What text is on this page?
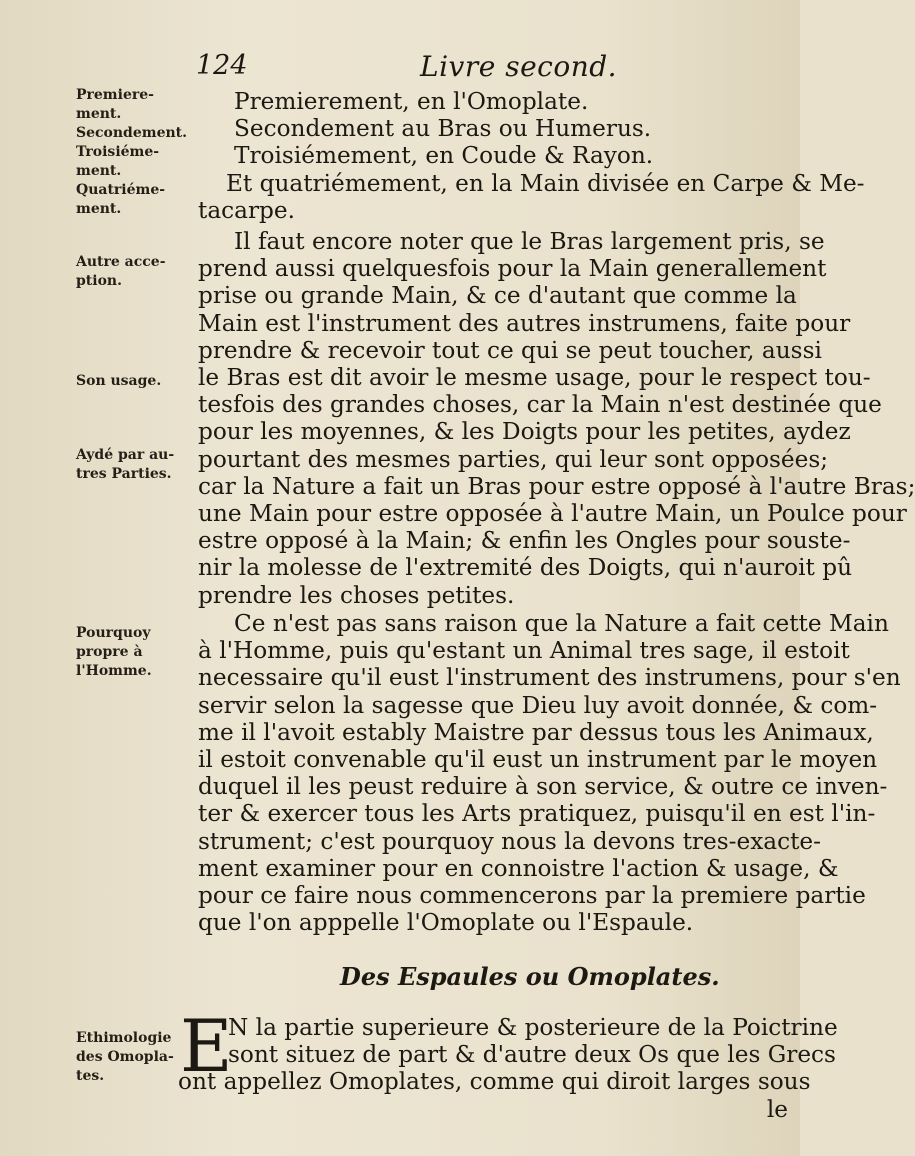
124	Livre second.
Premiere-
ment.
Secondement.
Troisiéme-
ment.
Quatriéme-
ment.
Autre acce-
ption.
Son usage.
Aydé par au-
tres Parties.
Pourquoy
propre à
l'Homme.
Ethimologie
des Omopla-
tes.
Premierement, en l'Omoplate.
Secondement au Bras ou Humerus.
Troisiémement, en Coude & Rayon.
Et quatriémement, en la Main divisée en Carpe & Me-
tacarpe.
Il faut encore noter que le Bras largement pris, se
prend aussi quelquesfois pour la Main generallement
prise ou grande Main, & ce d'autant que comme la
Main est l'instrument des autres instrumens, faite pour
prendre & recevoir tout ce qui se peut toucher, aussi
le Bras est dit avoir le mesme usage, pour le respect tou-
tesfois des grandes choses, car la Main n'est destinée que
pour les moyennes, & les Doigts pour les petites, aydez
pourtant des mesmes parties, qui leur sont opposées;
car la Nature a fait un Bras pour estre opposé à l'autre Bras;
une Main pour estre opposée à l'autre Main, un Poulce pour
estre opposé à la Main; & enfin les Ongles pour souste-
nir la molesse de l'extremité des Doigts, qui n'auroit pû
prendre les choses petites.
Ce n'est pas sans raison que la Nature a fait cette Main
à l'Homme, puis qu'estant un Animal tres sage, il estoit
necessaire qu'il eust l'instrument des instrumens, pour s'en
servir selon la sagesse que Dieu luy avoit donnée, & com-
me il l'avoit estably Maistre par dessus tous les Animaux,
il estoit convenable qu'il eust un instrument par le moyen
duquel il les peust reduire à son service, & outre ce inven-
ter & exercer tous les Arts pratiquez, puisqu'il en est l'in-
strument; c'est pourquoy nous la devons tres-exacte-
ment examiner pour en connoistre l'action & usage, &
pour ce faire nous commencerons par la premiere partie
que l'on apppelle l'Omoplate ou l'Espaule.
Des Espaules ou Omoplates.
E
N la partie superieure & posterieure de la Poictrine
sont situez de part & d'autre deux Os que les Grecs
ont appellez Omoplates, comme qui diroit larges sous
le
